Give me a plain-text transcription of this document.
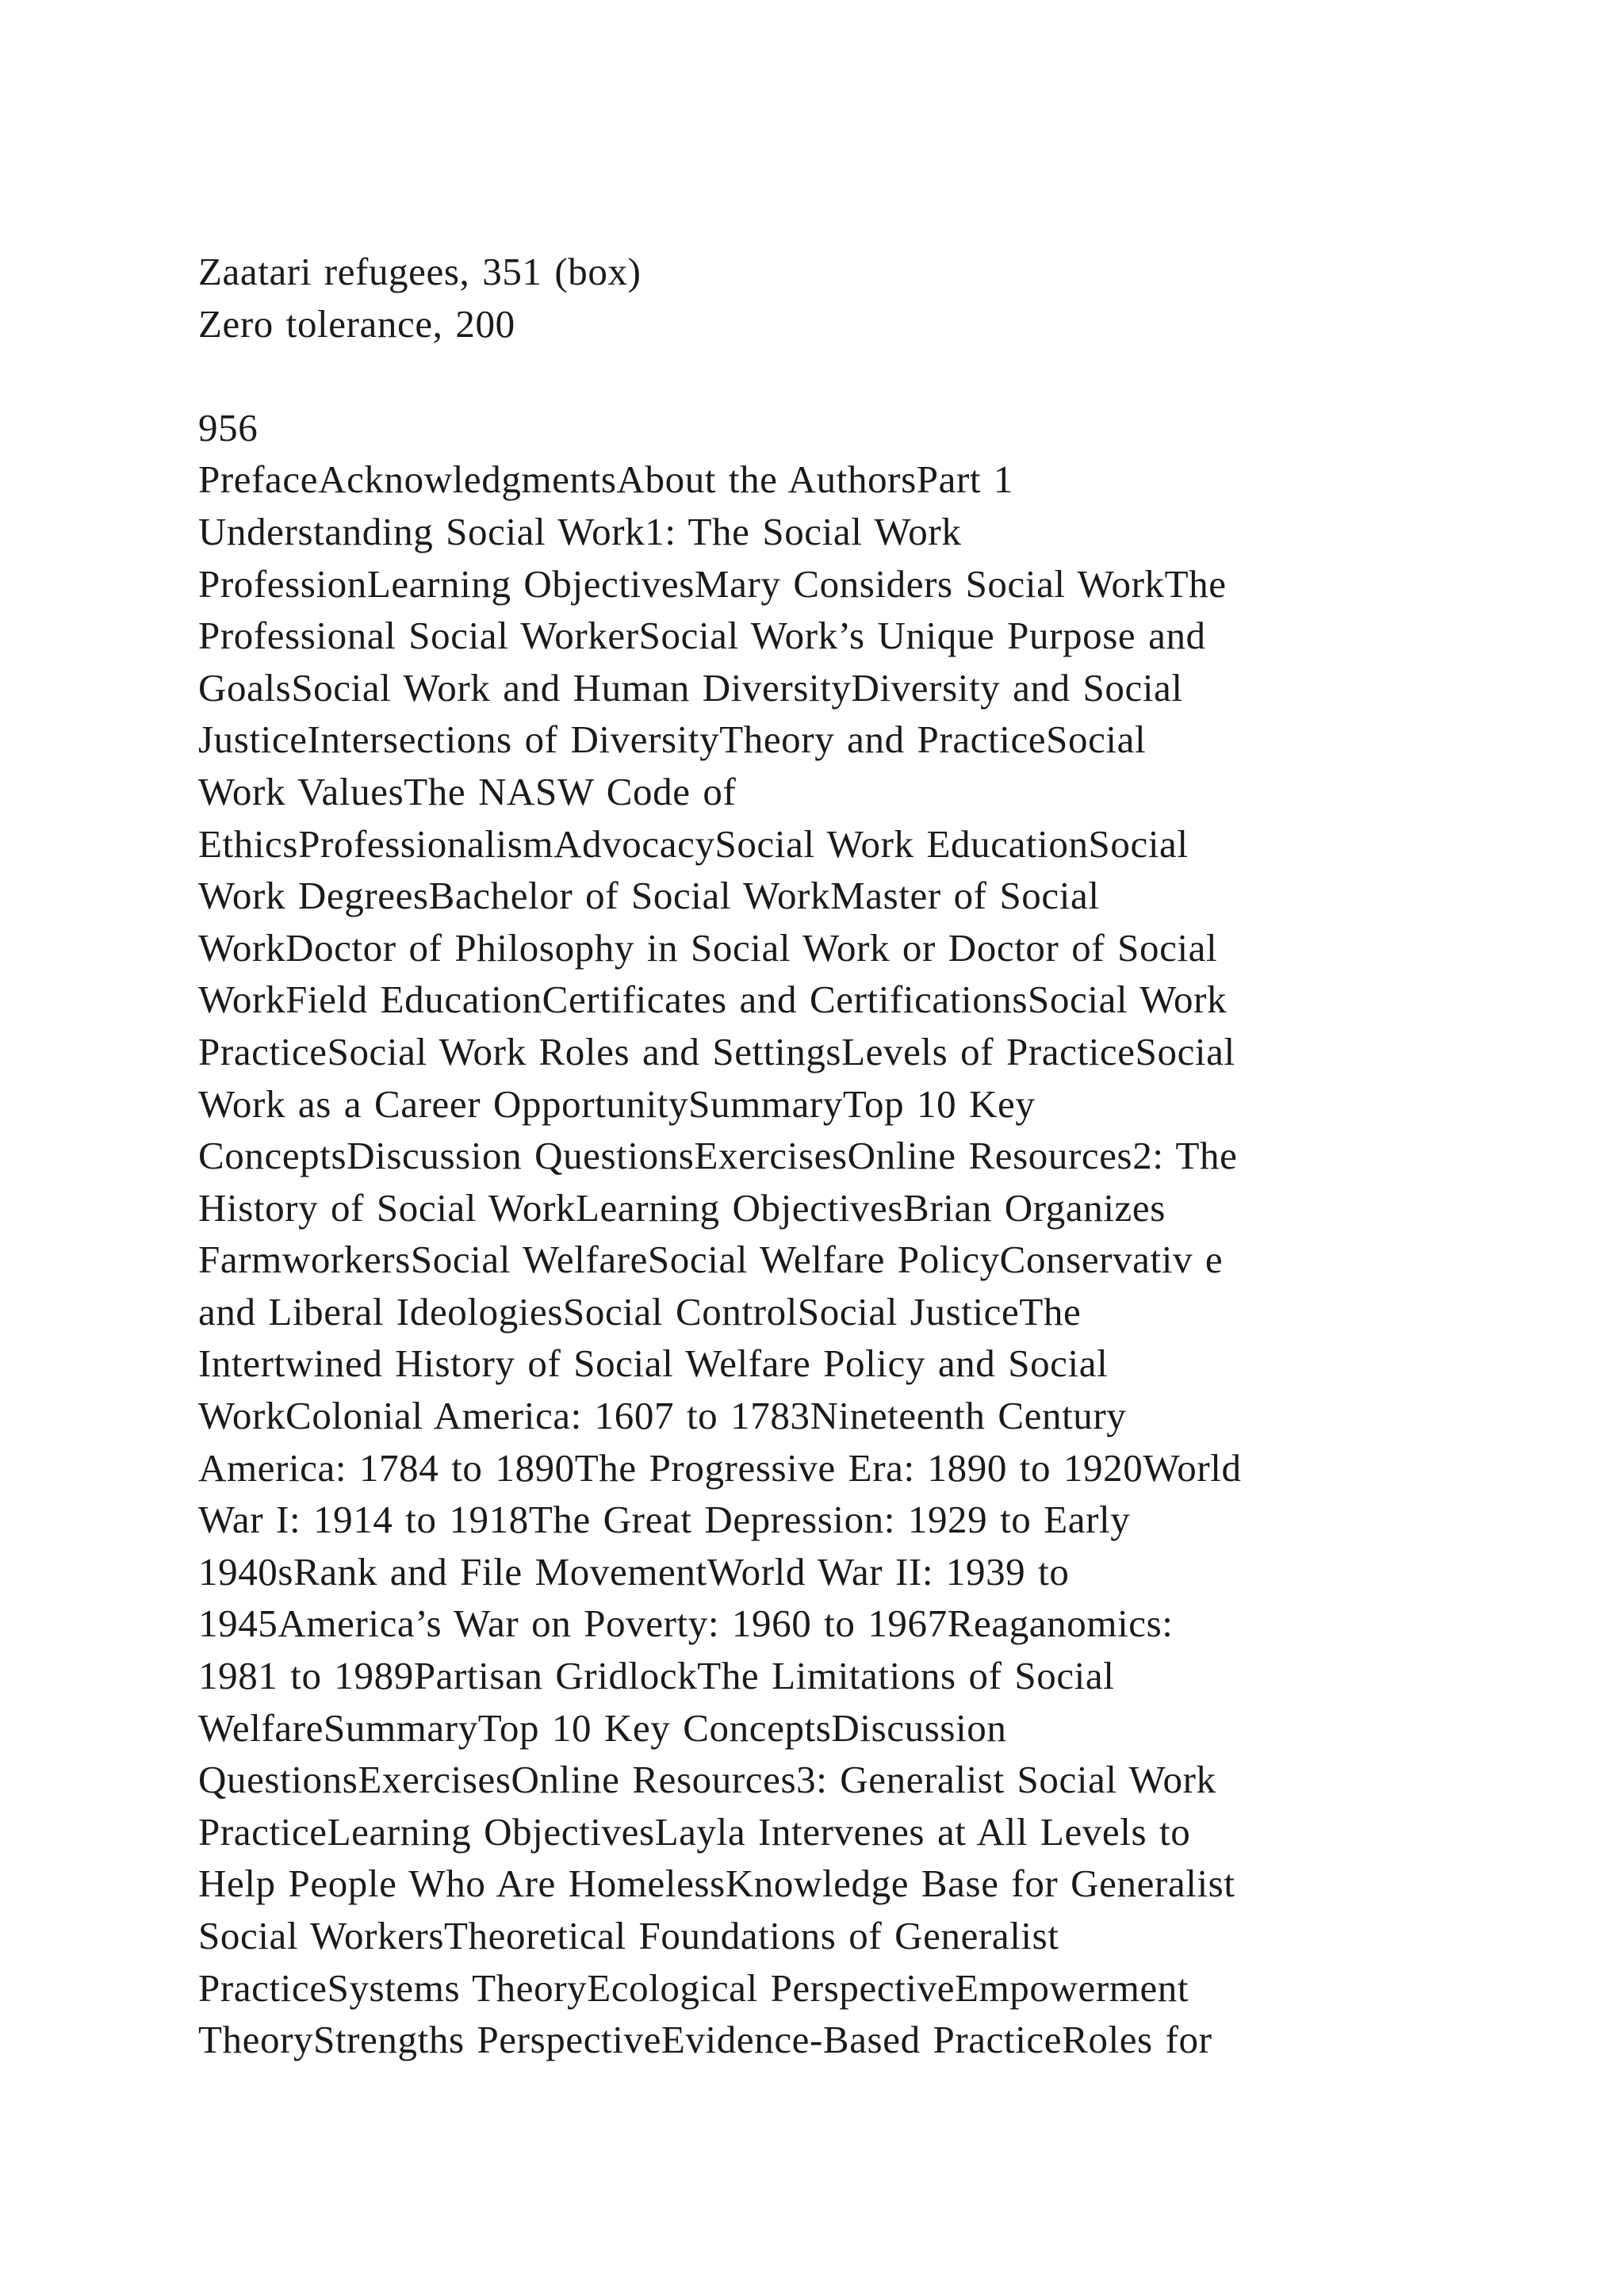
Zaatari refugees, 351 (box)
Zero tolerance, 200
956
PrefaceAcknowledgmentsAbout the AuthorsPart 1
Understanding Social Work1: The Social Work
ProfessionLearning ObjectivesMary Considers Social WorkThe
Professional Social WorkerSocial Work’s Unique Purpose and
GoalsSocial Work and Human DiversityDiversity and Social
JusticeIntersections of DiversityTheory and PracticeSocial
Work ValuesThe NASW Code of
EthicsProfessionalismAdvocacySocial Work EducationSocial
Work DegreesBachelor of Social WorkMaster of Social
WorkDoctor of Philosophy in Social Work or Doctor of Social
WorkField EducationCertificates and CertificationsSocial Work
PracticeSocial Work Roles and SettingsLevels of PracticeSocial
Work as a Career OpportunitySummaryTop 10 Key
ConceptsDiscussion QuestionsExercisesOnline Resources2: The
History of Social WorkLearning ObjectivesBrian Organizes
FarmworkersSocial WelfareSocial Welfare PolicyConservativ e
and Liberal IdeologiesSocial ControlSocial JusticeThe
Intertwined History of Social Welfare Policy and Social
WorkColonial America: 1607 to 1783Nineteenth Century
America: 1784 to 1890The Progressive Era: 1890 to 1920World
War I: 1914 to 1918The Great Depression: 1929 to Early
1940sRank and File MovementWorld War II: 1939 to
1945America’s War on Poverty: 1960 to 1967Reaganomics:
1981 to 1989Partisan GridlockThe Limitations of Social
WelfareSummaryTop 10 Key ConceptsDiscussion
QuestionsExercisesOnline Resources3: Generalist Social Work
PracticeLearning ObjectivesLayla Intervenes at All Levels to
Help People Who Are HomelessKnowledge Base for Generalist
Social WorkersTheoretical Foundations of Generalist
PracticeSystems TheoryEcological PerspectiveEmpowerment
TheoryStrengths PerspectiveEvidence-Based PracticeRoles for
